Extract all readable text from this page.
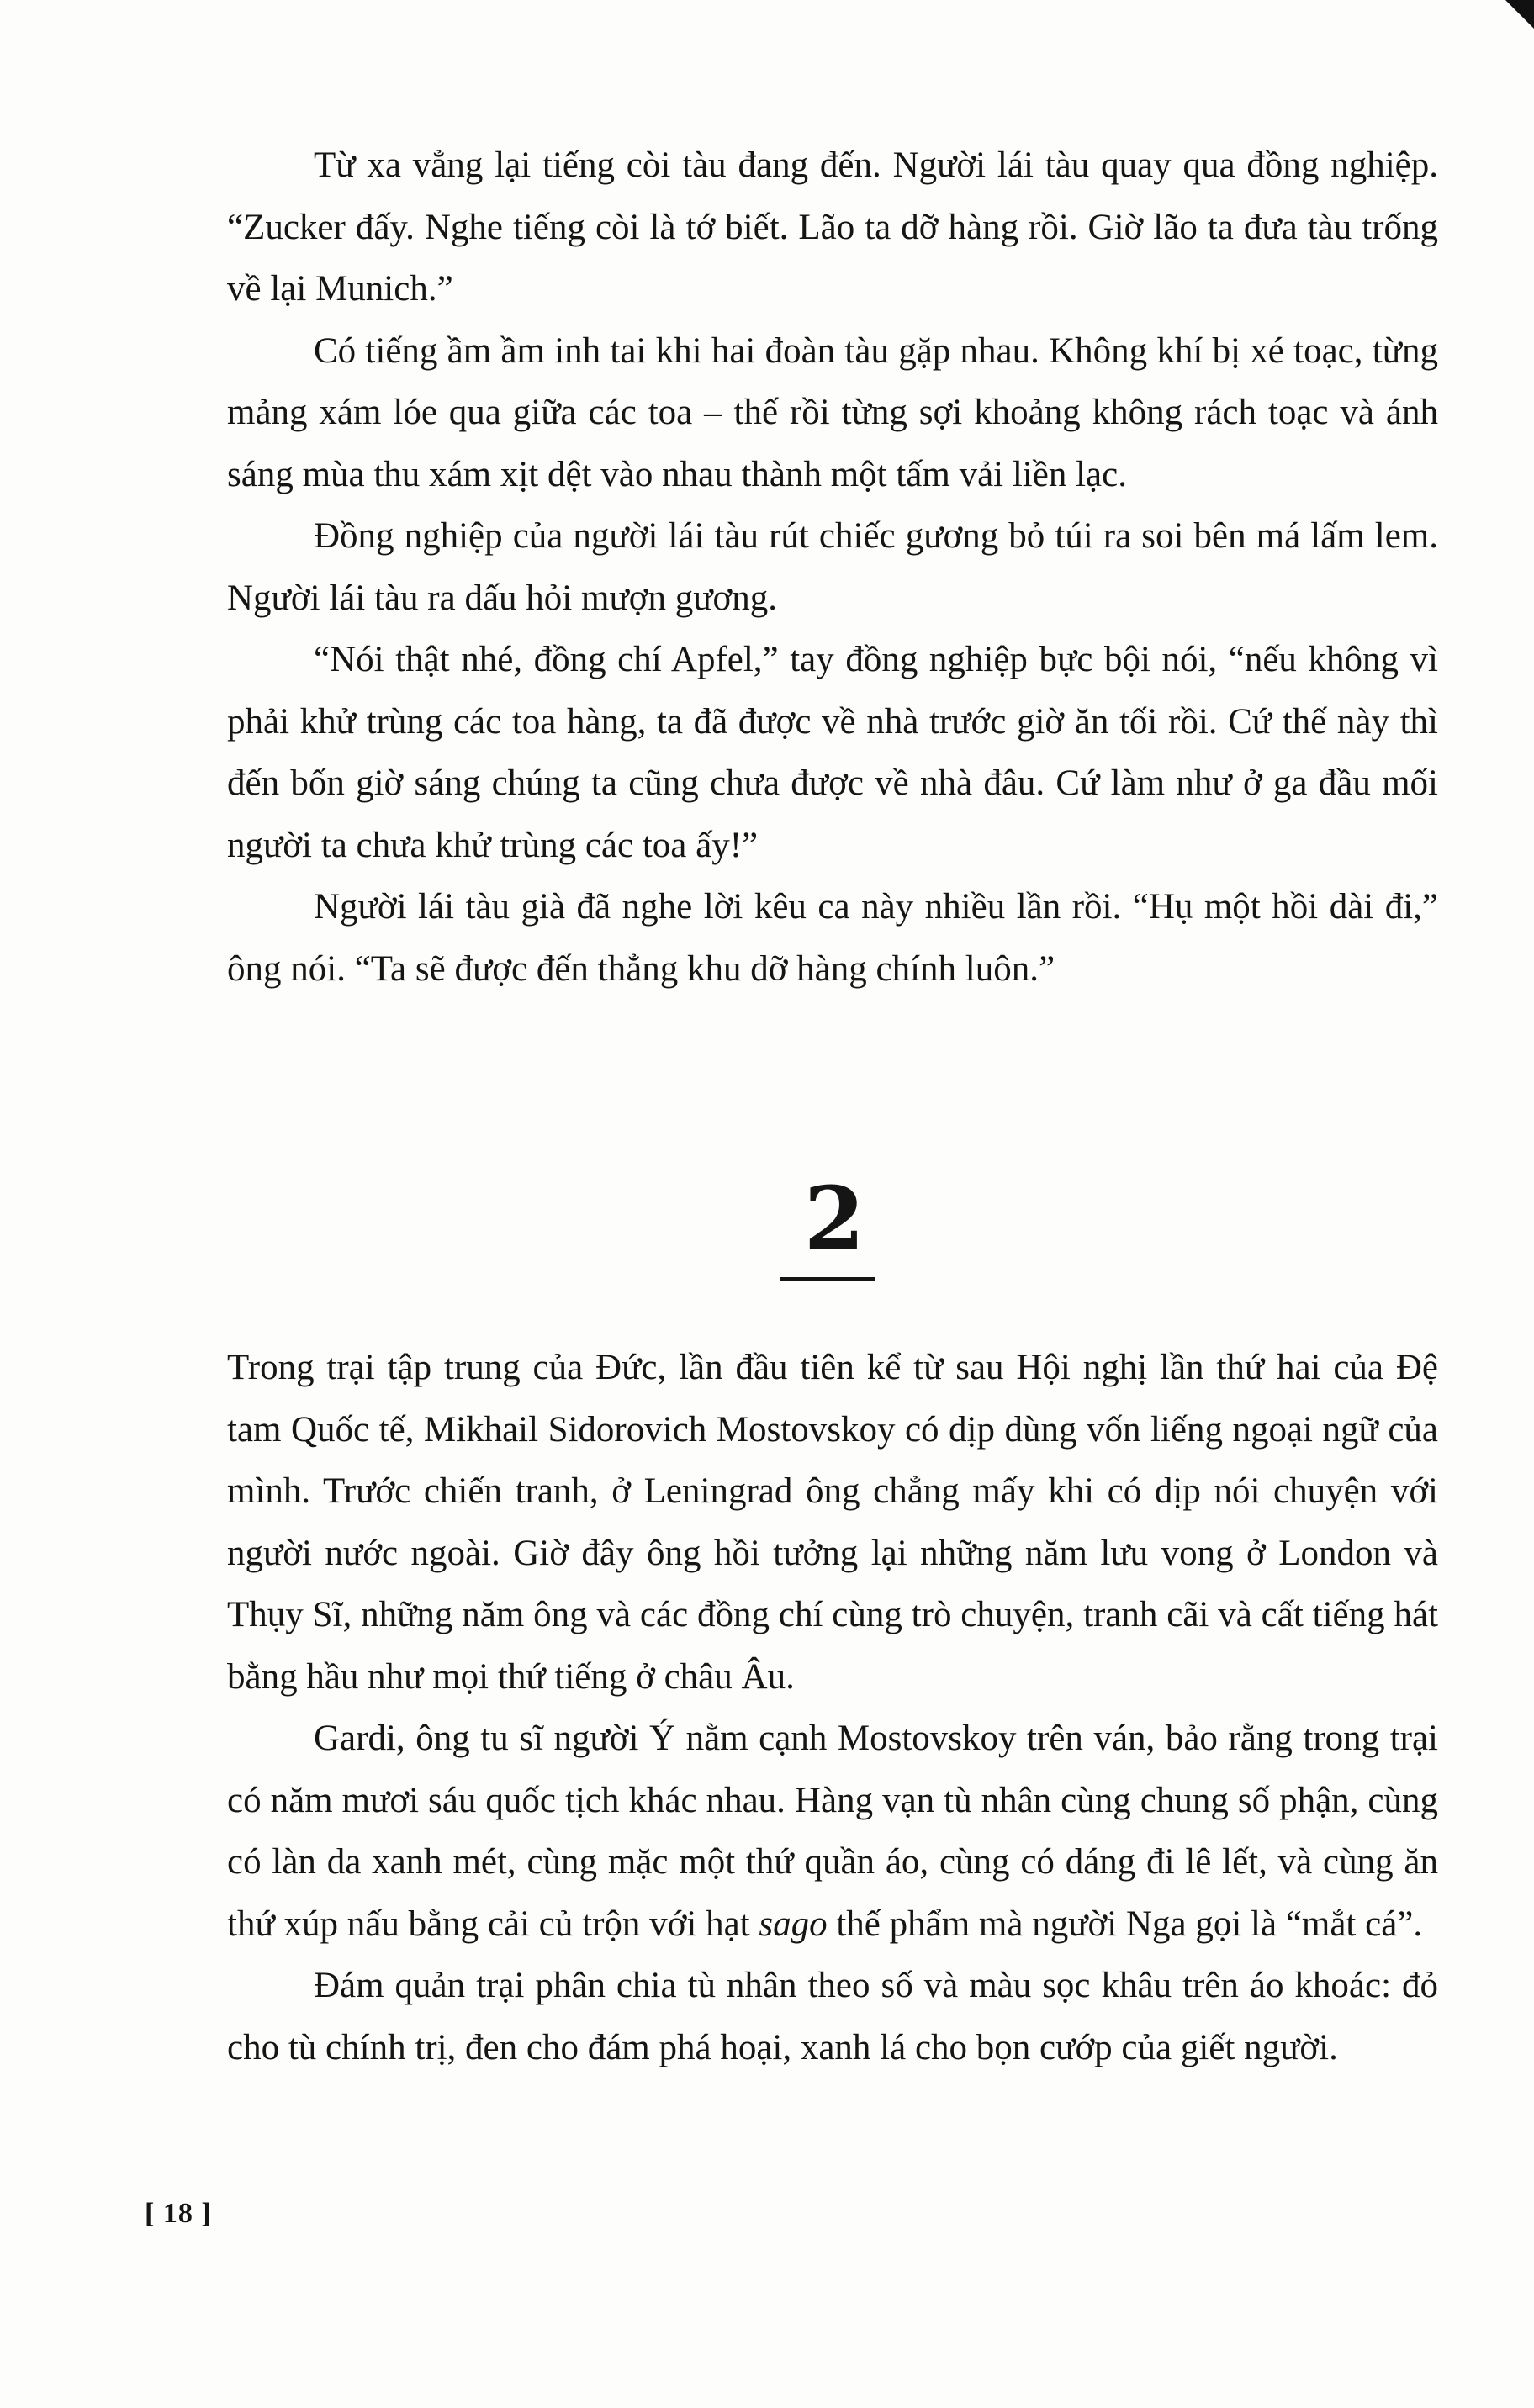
Từ xa vẳng lại tiếng còi tàu đang đến. Người lái tàu quay qua đồng nghiệp. “Zucker đấy. Nghe tiếng còi là tớ biết. Lão ta dỡ hàng rồi. Giờ lão ta đưa tàu trống về lại Munich.”

Có tiếng ầm ầm inh tai khi hai đoàn tàu gặp nhau. Không khí bị xé toạc, từng mảng xám lóe qua giữa các toa – thế rồi từng sợi khoảng không rách toạc và ánh sáng mùa thu xám xịt dệt vào nhau thành một tấm vải liền lạc.

Đồng nghiệp của người lái tàu rút chiếc gương bỏ túi ra soi bên má lấm lem. Người lái tàu ra dấu hỏi mượn gương.

“Nói thật nhé, đồng chí Apfel,” tay đồng nghiệp bực bội nói, “nếu không vì phải khử trùng các toa hàng, ta đã được về nhà trước giờ ăn tối rồi. Cứ thế này thì đến bốn giờ sáng chúng ta cũng chưa được về nhà đâu. Cứ làm như ở ga đầu mối người ta chưa khử trùng các toa ấy!”

Người lái tàu già đã nghe lời kêu ca này nhiều lần rồi. “Hụ một hồi dài đi,” ông nói. “Ta sẽ được đến thẳng khu dỡ hàng chính luôn.”

2

Trong trại tập trung của Đức, lần đầu tiên kể từ sau Hội nghị lần thứ hai của Đệ tam Quốc tế, Mikhail Sidorovich Mostovskoy có dịp dùng vốn liếng ngoại ngữ của mình. Trước chiến tranh, ở Leningrad ông chẳng mấy khi có dịp nói chuyện với người nước ngoài. Giờ đây ông hồi tưởng lại những năm lưu vong ở London và Thụy Sĩ, những năm ông và các đồng chí cùng trò chuyện, tranh cãi và cất tiếng hát bằng hầu như mọi thứ tiếng ở châu Âu.

Gardi, ông tu sĩ người Ý nằm cạnh Mostovskoy trên ván, bảo rằng trong trại có năm mươi sáu quốc tịch khác nhau. Hàng vạn tù nhân cùng chung số phận, cùng có làn da xanh mét, cùng mặc một thứ quần áo, cùng có dáng đi lê lết, và cùng ăn thứ xúp nấu bằng cải củ trộn với hạt sago thế phẩm mà người Nga gọi là “mắt cá”.

Đám quản trại phân chia tù nhân theo số và màu sọc khâu trên áo khoác: đỏ cho tù chính trị, đen cho đám phá hoại, xanh lá cho bọn cướp của giết người.

[ 18 ]
